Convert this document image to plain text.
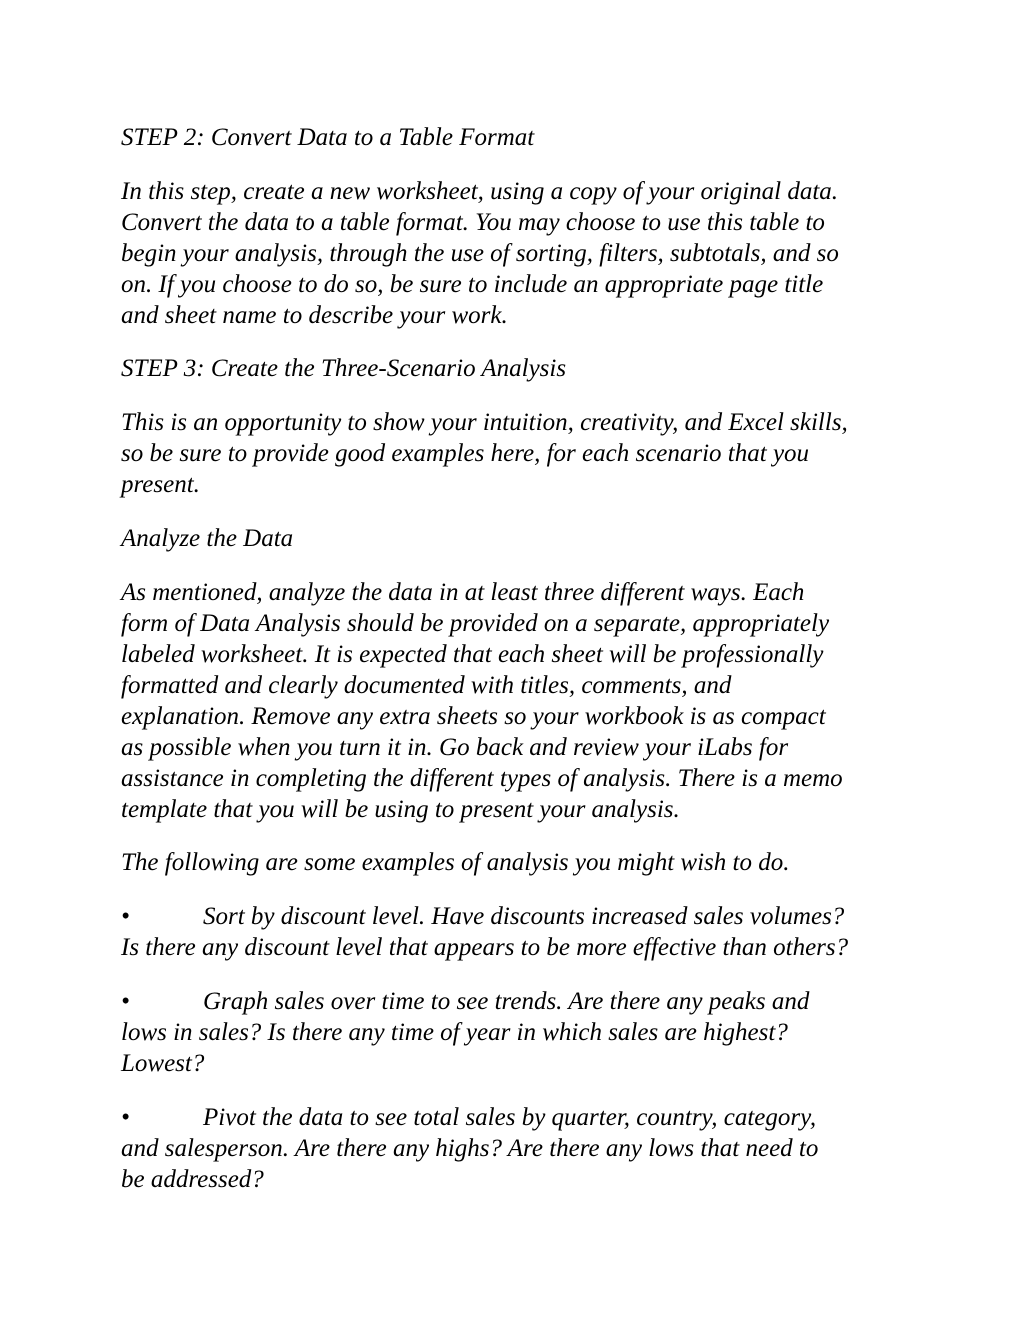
STEP 2: Convert Data to a Table Format

In this step, create a new worksheet, using a copy of your original data.
Convert the data to a table format. You may choose to use this table to
begin your analysis, through the use of sorting, filters, subtotals, and so
on. If you choose to do so, be sure to include an appropriate page title
and sheet name to describe your work.

STEP 3: Create the Three-Scenario Analysis

This is an opportunity to show your intuition, creativity, and Excel skills,
so be sure to provide good examples here, for each scenario that you
present.

Analyze the Data

As mentioned, analyze the data in at least three different ways. Each
form of Data Analysis should be provided on a separate, appropriately
labeled worksheet. It is expected that each sheet will be professionally
formatted and clearly documented with titles, comments, and
explanation. Remove any extra sheets so your workbook is as compact
as possible when you turn it in. Go back and review your iLabs for
assistance in completing the different types of analysis. There is a memo
template that you will be using to present your analysis.

The following are some examples of analysis you might wish to do.

•	Sort by discount level. Have discounts increased sales volumes?
Is there any discount level that appears to be more effective than others?

•	Graph sales over time to see trends. Are there any peaks and
lows in sales? Is there any time of year in which sales are highest?
Lowest?

•	Pivot the data to see total sales by quarter, country, category,
and salesperson. Are there any highs? Are there any lows that need to
be addressed?
